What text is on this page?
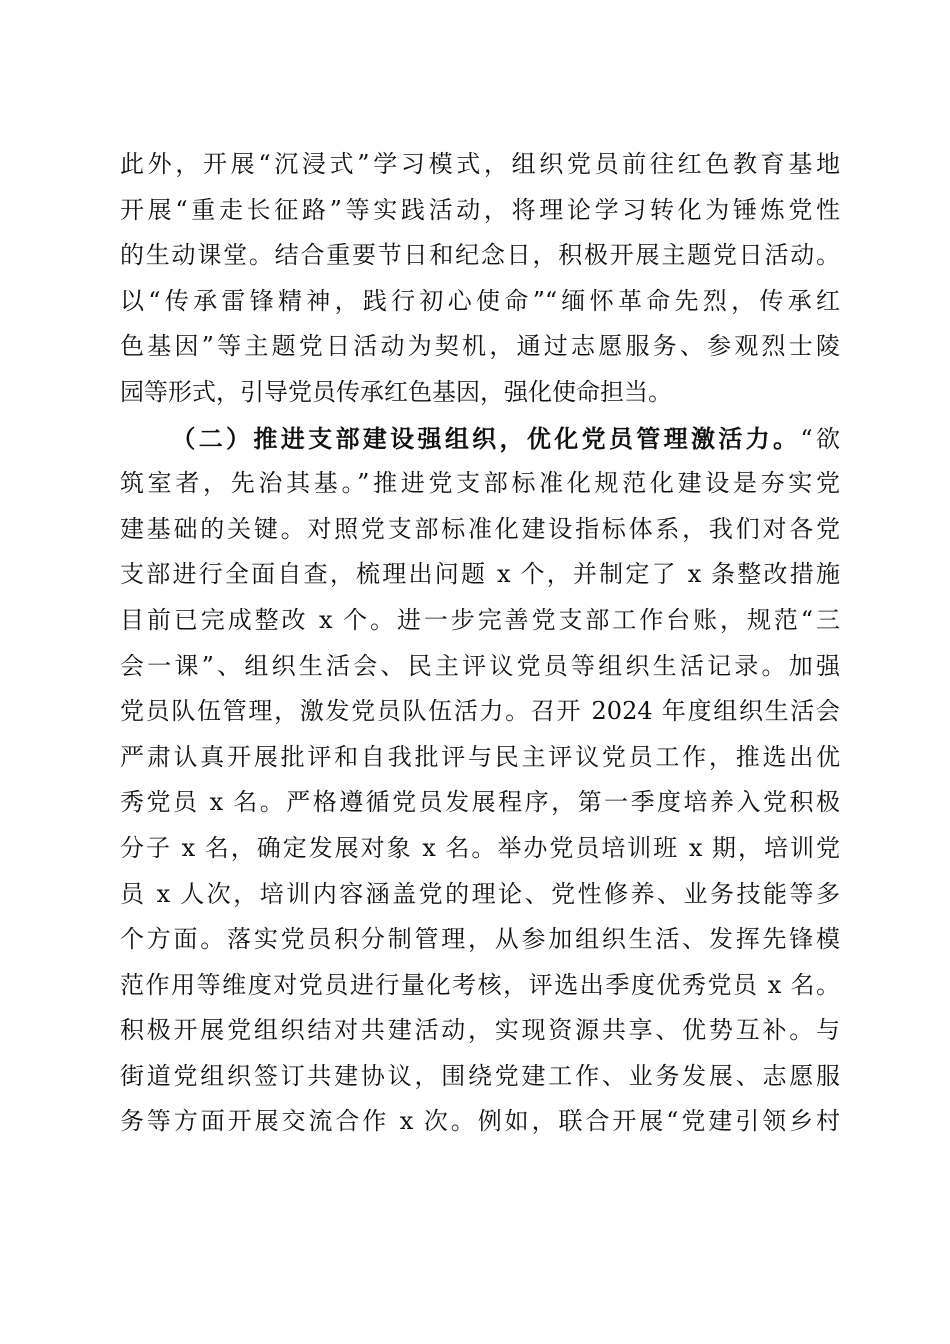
此外，开展“沉浸式”学习模式，组织党员前往红色教育基地
开展“重走长征路”等实践活动，将理论学习转化为锤炼党性
的生动课堂。结合重要节日和纪念日，积极开展主题党日活动。
以“传承雷锋精神，践行初心使命”“缅怀革命先烈，传承红
色基因”等主题党日活动为契机，通过志愿服务、参观烈士陵
园等形式，引导党员传承红色基因，强化使命担当。
（二）推进支部建设强组织，优化党员管理激活力。“欲
筑室者，先治其基。”推进党支部标准化规范化建设是夯实党
建基础的关键。对照党支部标准化建设指标体系，我们对各党
支部进行全面自查，梳理出问题 x 个，并制定了 x 条整改措施
目前已完成整改 x 个。进一步完善党支部工作台账，规范“三
会一课”、组织生活会、民主评议党员等组织生活记录。加强
党员队伍管理，激发党员队伍活力。召开 2024 年度组织生活会
严肃认真开展批评和自我批评与民主评议党员工作，推选出优
秀党员 x 名。严格遵循党员发展程序，第一季度培养入党积极
分子 x 名，确定发展对象 x 名。举办党员培训班 x 期，培训党
员 x 人次，培训内容涵盖党的理论、党性修养、业务技能等多
个方面。落实党员积分制管理，从参加组织生活、发挥先锋模
范作用等维度对党员进行量化考核，评选出季度优秀党员 x 名。
积极开展党组织结对共建活动，实现资源共享、优势互补。与
街道党组织签订共建协议，围绕党建工作、业务发展、志愿服
务等方面开展交流合作 x 次。例如，联合开展“党建引领乡村
